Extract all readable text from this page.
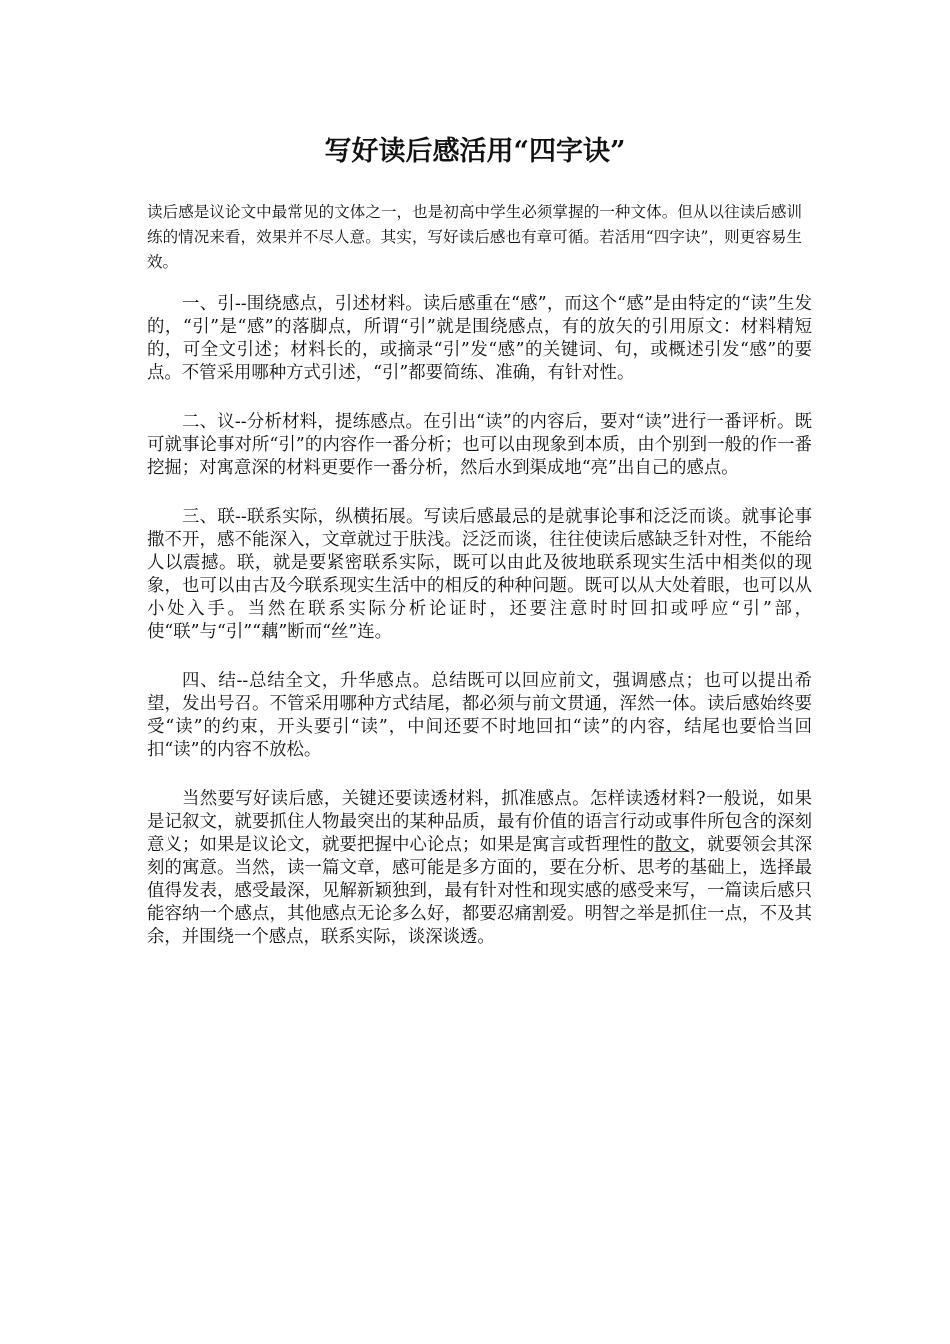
写好读后感活用“四字诀”

读后感是议论文中最常见的文体之一，也是初高中学生必须掌握的一种文体。但从以往读后感训练的情况来看，效果并不尽人意。其实，写好读后感也有章可循。若活用“四字诀”，则更容易生效。

一、引--围绕感点，引述材料。读后感重在“感”，而这个“感”是由特定的“读”生发的，“引”是“感”的落脚点，所谓“引”就是围绕感点，有的放矢的引用原文：材料精短的，可全文引述；材料长的，或摘录“引”发“感”的关键词、句，或概述引发“感”的要点。不管采用哪种方式引述，“引”都要简练、准确，有针对性。

二、议--分析材料，提练感点。在引出“读”的内容后，要对“读”进行一番评析。既可就事论事对所“引”的内容作一番分析；也可以由现象到本质，由个别到一般的作一番挖掘；对寓意深的材料更要作一番分析，然后水到渠成地“亮”出自己的感点。

三、联--联系实际，纵横拓展。写读后感最忌的是就事论事和泛泛而谈。就事论事撒不开，感不能深入，文章就过于肤浅。泛泛而谈，往往使读后感缺乏针对性，不能给人以震撼。联，就是要紧密联系实际，既可以由此及彼地联系现实生活中相类似的现象，也可以由古及今联系现实生活中的相反的种种问题。既可以从大处着眼，也可以从小处入手。当然在联系实际分析论证时，还要注意时时回扣或呼应“引”部，使“联”与“引”“藕”断而“丝”连。

四、结--总结全文，升华感点。总结既可以回应前文，强调感点；也可以提出希望，发出号召。不管采用哪种方式结尾，都必须与前文贯通，浑然一体。读后感始终要受“读”的约束，开头要引“读”，中间还要不时地回扣“读”的内容，结尾也要恰当回扣“读”的内容不放松。

当然要写好读后感，关键还要读透材料，抓准感点。怎样读透材料?一般说，如果是记叙文，就要抓住人物最突出的某种品质，最有价值的语言行动或事件所包含的深刻意义；如果是议论文，就要把握中心论点；如果是寓言或哲理性的散文，就要领会其深刻的寓意。当然，读一篇文章，感可能是多方面的，要在分析、思考的基础上，选择最值得发表，感受最深，见解新颖独到，最有针对性和现实感的感受来写，一篇读后感只能容纳一个感点，其他感点无论多么好，都要忍痛割爱。明智之举是抓住一点，不及其余，并围绕一个感点，联系实际，谈深谈透。
